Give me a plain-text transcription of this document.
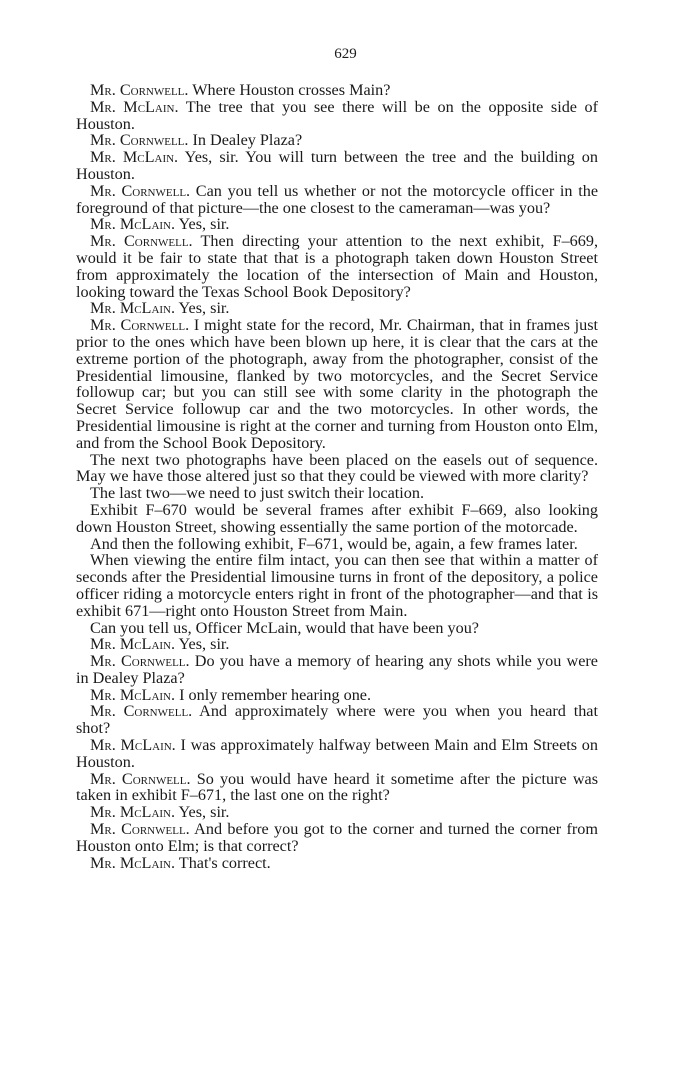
629

Mr. Cornwell. Where Houston crosses Main?

Mr. McLain. The tree that you see there will be on the opposite side of Houston.

Mr. Cornwell. In Dealey Plaza?

Mr. McLain. Yes, sir. You will turn between the tree and the building on Houston.

Mr. Cornwell. Can you tell us whether or not the motorcycle officer in the foreground of that picture—the one closest to the cameraman—was you?

Mr. McLain. Yes, sir.

Mr. Cornwell. Then directing your attention to the next exhibit, F–669, would it be fair to state that that is a photograph taken down Houston Street from approximately the location of the intersection of Main and Houston, looking toward the Texas School Book Depository?

Mr. McLain. Yes, sir.

Mr. Cornwell. I might state for the record, Mr. Chairman, that in frames just prior to the ones which have been blown up here, it is clear that the cars at the extreme portion of the photograph, away from the photographer, consist of the Presidential limousine, flanked by two motorcycles, and the Secret Service followup car; but you can still see with some clarity in the photograph the Secret Service followup car and the two motorcycles. In other words, the Presidential limousine is right at the corner and turning from Houston onto Elm, and from the School Book Depository.

The next two photographs have been placed on the easels out of sequence. May we have those altered just so that they could be viewed with more clarity?

The last two—we need to just switch their location.

Exhibit F–670 would be several frames after exhibit F–669, also looking down Houston Street, showing essentially the same portion of the motorcade.

And then the following exhibit, F–671, would be, again, a few frames later.

When viewing the entire film intact, you can then see that within a matter of seconds after the Presidential limousine turns in front of the depository, a police officer riding a motorcycle enters right in front of the photographer—and that is exhibit 671—right onto Houston Street from Main.

Can you tell us, Officer McLain, would that have been you?

Mr. McLain. Yes, sir.

Mr. Cornwell. Do you have a memory of hearing any shots while you were in Dealey Plaza?

Mr. McLain. I only remember hearing one.

Mr. Cornwell. And approximately where were you when you heard that shot?

Mr. McLain. I was approximately halfway between Main and Elm Streets on Houston.

Mr. Cornwell. So you would have heard it sometime after the picture was taken in exhibit F–671, the last one on the right?

Mr. McLain. Yes, sir.

Mr. Cornwell. And before you got to the corner and turned the corner from Houston onto Elm; is that correct?

Mr. McLain. That's correct.
